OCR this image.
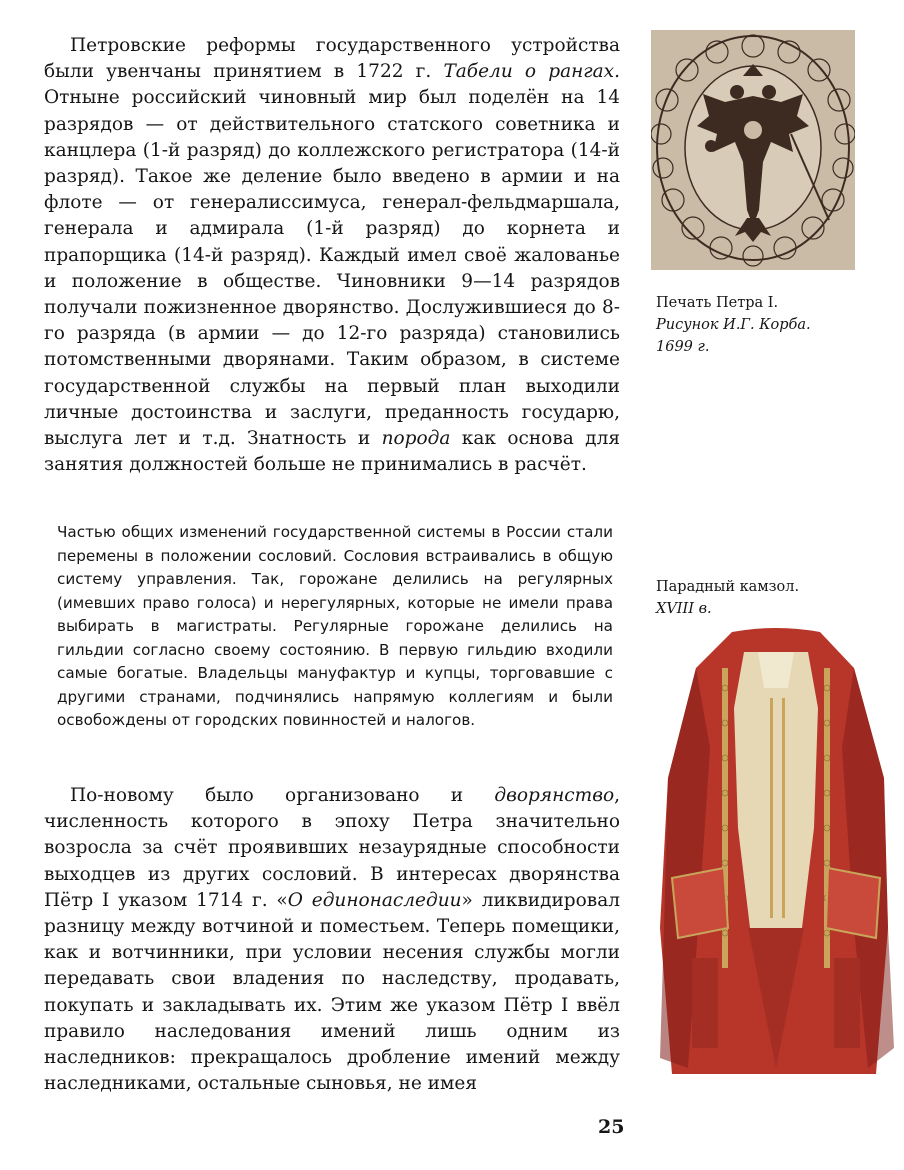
Петровские реформы государственного устройства были увенчаны принятием в 1722 г. Табели о рангах. Отныне российский чиновный мир был поделён на 14 разрядов — от действительного статского советника и канцлера (1-й разряд) до коллежского регистратора (14-й разряд). Такое же деление было введено в армии и на флоте — от генералиссимуса, генерал-фельдмаршала, генерала и адмирала (1-й разряд) до корнета и прапорщика (14-й разряд). Каждый имел своё жалованье и положение в обществе. Чиновники 9—14 разрядов получали пожизненное дворянство. Дослужившиеся до 8-го разряда (в армии — до 12-го разряда) становились потомственными дворянами. Таким образом, в системе государственной службы на первый план выходили личные достоинства и заслуги, преданность государю, выслуга лет и т.д. Знатность и порода как основа для занятия должностей больше не принимались в расчёт.

Частью общих изменений государственной системы в России стали перемены в положении сословий. Сословия встраивались в общую систему управления. Так, горожане делились на регулярных (имевших право голоса) и нерегулярных, которые не имели права выбирать в магистраты. Регулярные горожане делились на гильдии согласно своему состоянию. В первую гильдию входили самые богатые. Владельцы мануфактур и купцы, торговавшие с другими странами, подчинялись напрямую коллегиям и были освобождены от городских повинностей и налогов.

По-новому было организовано и дворянство, численность которого в эпоху Петра значительно возросла за счёт проявивших незаурядные способности выходцев из других сословий. В интересах дворянства Пётр I указом 1714 г. «О единонаследии» ликвидировал разницу между вотчиной и поместьем. Теперь помещики, как и вотчинники, при условии несения службы могли передавать свои владения по наследству, продавать, покупать и закладывать их. Этим же указом Пётр I ввёл правило наследования имений лишь одним из наследников: прекращалось дробление имений между наследниками, остальные сыновья, не имея

Печать Петра I.
Рисунок И.Г. Корба.
1699 г.
Парадный камзол.
XVIII в.

25
